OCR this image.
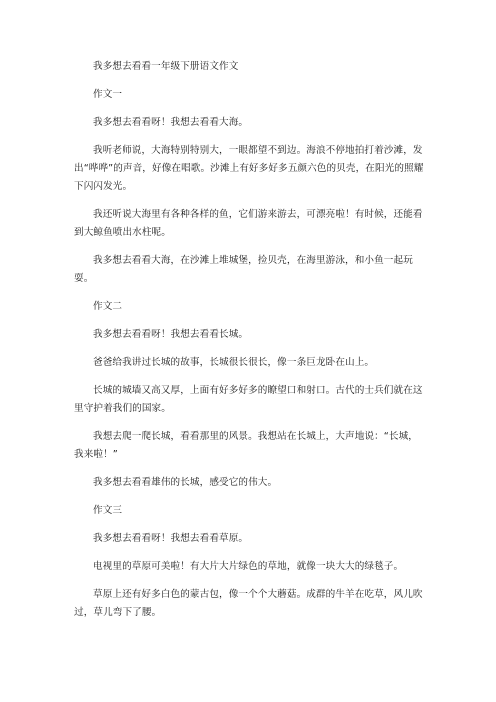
我多想去看看一年级下册语文作文

作文一

我多想去看看呀！我想去看看大海。

我听老师说，大海特别特别大，一眼都望不到边。海浪不停地拍打着沙滩，发出“哗哗”的声音，好像在唱歌。沙滩上有好多好多五颜六色的贝壳，在阳光的照耀下闪闪发光。

我还听说大海里有各种各样的鱼，它们游来游去，可漂亮啦！有时候，还能看到大鲸鱼喷出水柱呢。

我多想去看看大海，在沙滩上堆城堡，捡贝壳，在海里游泳，和小鱼一起玩耍。

作文二

我多想去看看呀！我想去看看长城。

爸爸给我讲过长城的故事，长城很长很长，像一条巨龙卧在山上。

长城的城墙又高又厚，上面有好多好多的瞭望口和射口。古代的士兵们就在这里守护着我们的国家。

我想去爬一爬长城，看看那里的风景。我想站在长城上，大声地说：“长城，我来啦！”

我多想去看看雄伟的长城，感受它的伟大。

作文三

我多想去看看呀！我想去看看草原。

电视里的草原可美啦！有大片大片绿色的草地，就像一块大大的绿毯子。

草原上还有好多白色的蒙古包，像一个个大蘑菇。成群的牛羊在吃草，风儿吹过，草儿弯下了腰。
